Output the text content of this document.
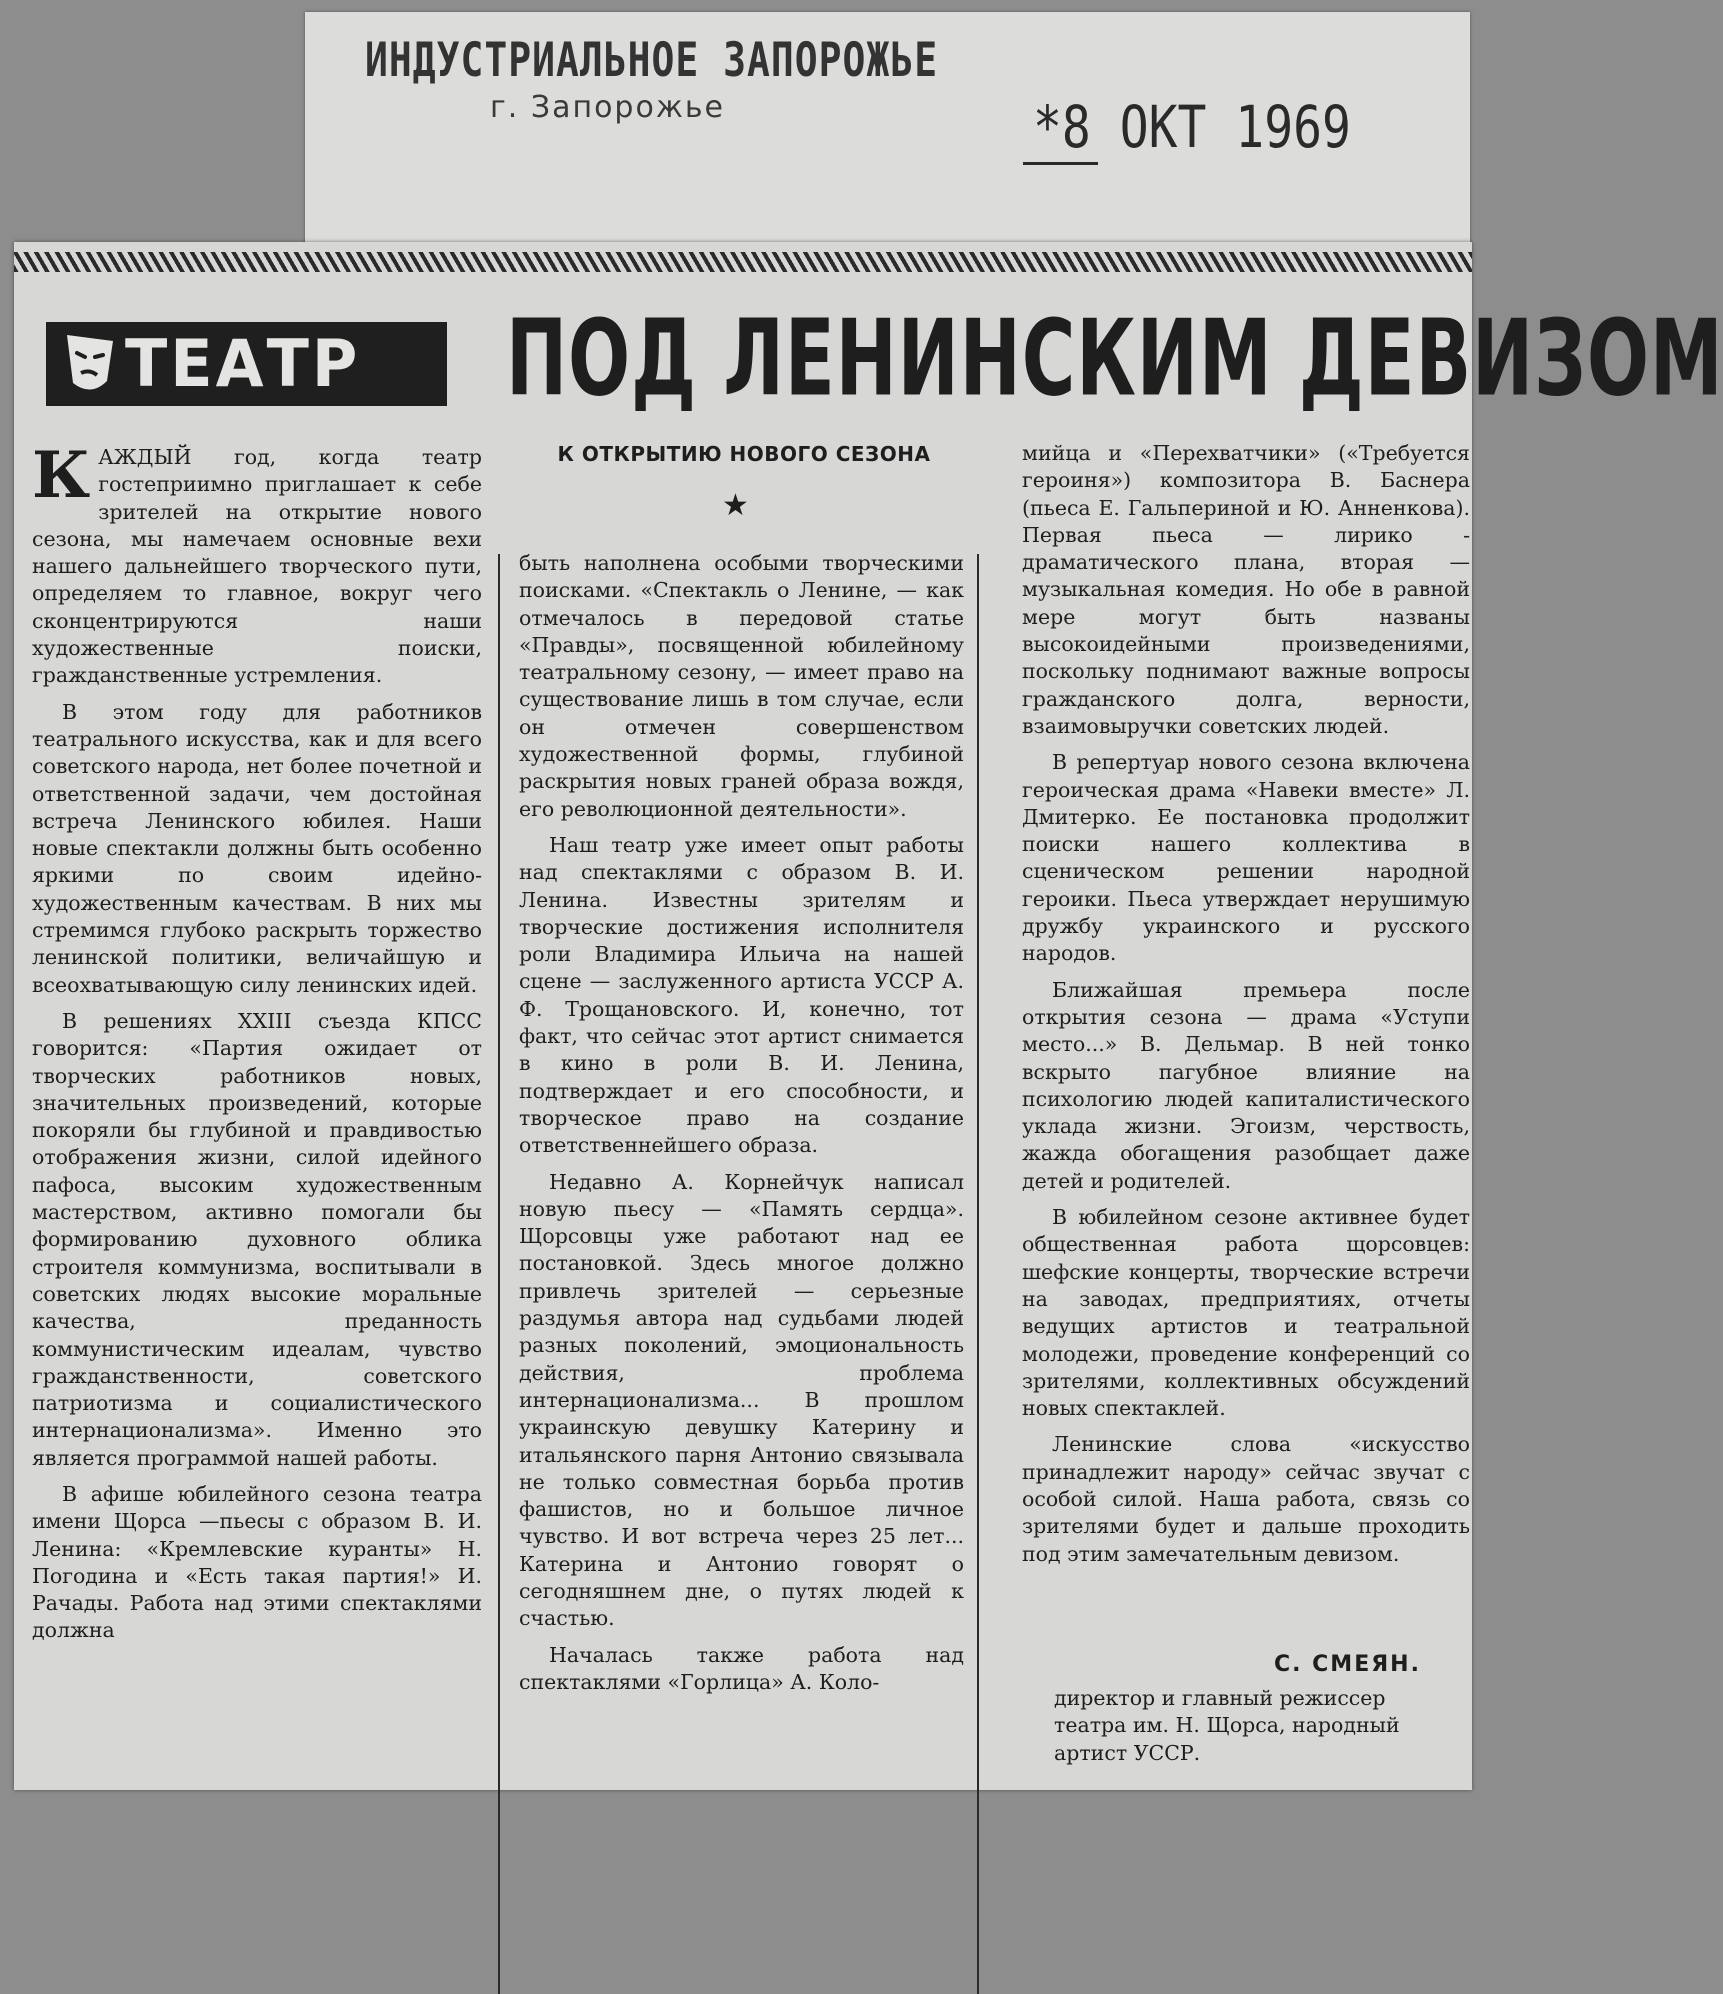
ИНДУСТРИАЛЬНОЕ ЗАПОРОЖЬЕ
г. Запорожье	*8 ОКТ 1969
ТЕАТР ПОД ЛЕНИНСКИМ ДЕВИЗОМ
К ОТКРЫТИЮ НОВОГО СЕЗОНА
★

КАЖДЫЙ год, когда театр гостеприимно приглашает к себе зрителей на открытие нового сезона, мы намечаем основные вехи нашего дальнейшего творческого пути, определяем то главное, вокруг чего сконцентрируются наши художественные поиски, гражданственные устремления.

В этом году для работников театрального искусства, как и для всего советского народа, нет более почетной и ответственной задачи, чем достойная встреча Ленинского юбилея. Наши новые спектакли должны быть особенно яркими по своим идейно-художественным качествам. В них мы стремимся глубоко раскрыть торжество ленинской политики, величайшую и всеохватывающую силу ленинских идей.

В решениях XXIII съезда КПСС говорится: «Партия ожидает от творческих работников новых, значительных произведений, которые покоряли бы глубиной и правдивостью отображения жизни, силой идейного пафоса, высоким художественным мастерством, активно помогали бы формированию духовного облика строителя коммунизма, воспитывали в советских людях высокие моральные качества, преданность коммунистическим идеалам, чувство гражданственности, советского патриотизма и социалистического интернационализма». Именно это является программой нашей работы.

В афише юбилейного сезона театра имени Щорса —пьесы с образом В. И. Ленина: «Кремлевские куранты» Н. Погодина и «Есть такая партия!» И. Рачады. Работа над этими спектаклями должна

быть наполнена особыми творческими поисками. «Спектакль о Ленине, — как отмечалось в передовой статье «Правды», посвященной юбилейному театральному сезону, — имеет право на существование лишь в том случае, если он отмечен совершенством художественной формы, глубиной раскрытия новых граней образа вождя, его революционной деятельности».

Наш театр уже имеет опыт работы над спектаклями с образом В. И. Ленина. Известны зрителям и творческие достижения исполнителя роли Владимира Ильича на нашей сцене — заслуженного артиста УССР А. Ф. Трощановского. И, конечно, тот факт, что сейчас этот артист снимается в кино в роли В. И. Ленина, подтверждает и его способности, и творческое право на создание ответственнейшего образа.

Недавно А. Корнейчук написал новую пьесу — «Память сердца». Щорсовцы уже работают над ее постановкой. Здесь многое должно привлечь зрителей — серьезные раздумья автора над судьбами людей разных поколений, эмоциональность действия, проблема интернационализма... В прошлом украинскую девушку Катерину и итальянского парня Антонио связывала не только совместная борьба против фашистов, но и большое личное чувство. И вот встреча через 25 лет... Катерина и Антонио говорят о сегодняшнем дне, о путях людей к счастью.

Началась также работа над спектаклями «Горлица» А. Коло-

мийца и «Перехватчики» («Требуется героиня») композитора В. Баснера (пьеса Е. Гальпериной и Ю. Анненкова). Первая пьеса — лирико - драматического плана, вторая — музыкальная комедия. Но обе в равной мере могут быть названы высокоидейными произведениями, поскольку поднимают важные вопросы гражданского долга, верности, взаимовыручки советских людей.

В репертуар нового сезона включена героическая драма «Навеки вместе» Л. Дмитерко. Ее постановка продолжит поиски нашего коллектива в сценическом решении народной героики. Пьеса утверждает нерушимую дружбу украинского и русского народов.

Ближайшая премьера после открытия сезона — драма «Уступи место...» В. Дельмар. В ней тонко вскрыто пагубное влияние на психологию людей капиталистического уклада жизни. Эгоизм, черствость, жажда обогащения разобщает даже детей и родителей.

В юбилейном сезоне активнее будет общественная работа щорсовцев: шефские концерты, творческие встречи на заводах, предприятиях, отчеты ведущих артистов и театральной молодежи, проведение конференций со зрителями, коллективных обсуждений новых спектаклей.

Ленинские слова «искусство принадлежит народу» сейчас звучат с особой силой. Наша работа, связь со зрителями будет и дальше проходить под этим замечательным девизом.

С. СМЕЯН.
директор и главный режиссер театра им. Н. Щорса, народный артист УССР.
